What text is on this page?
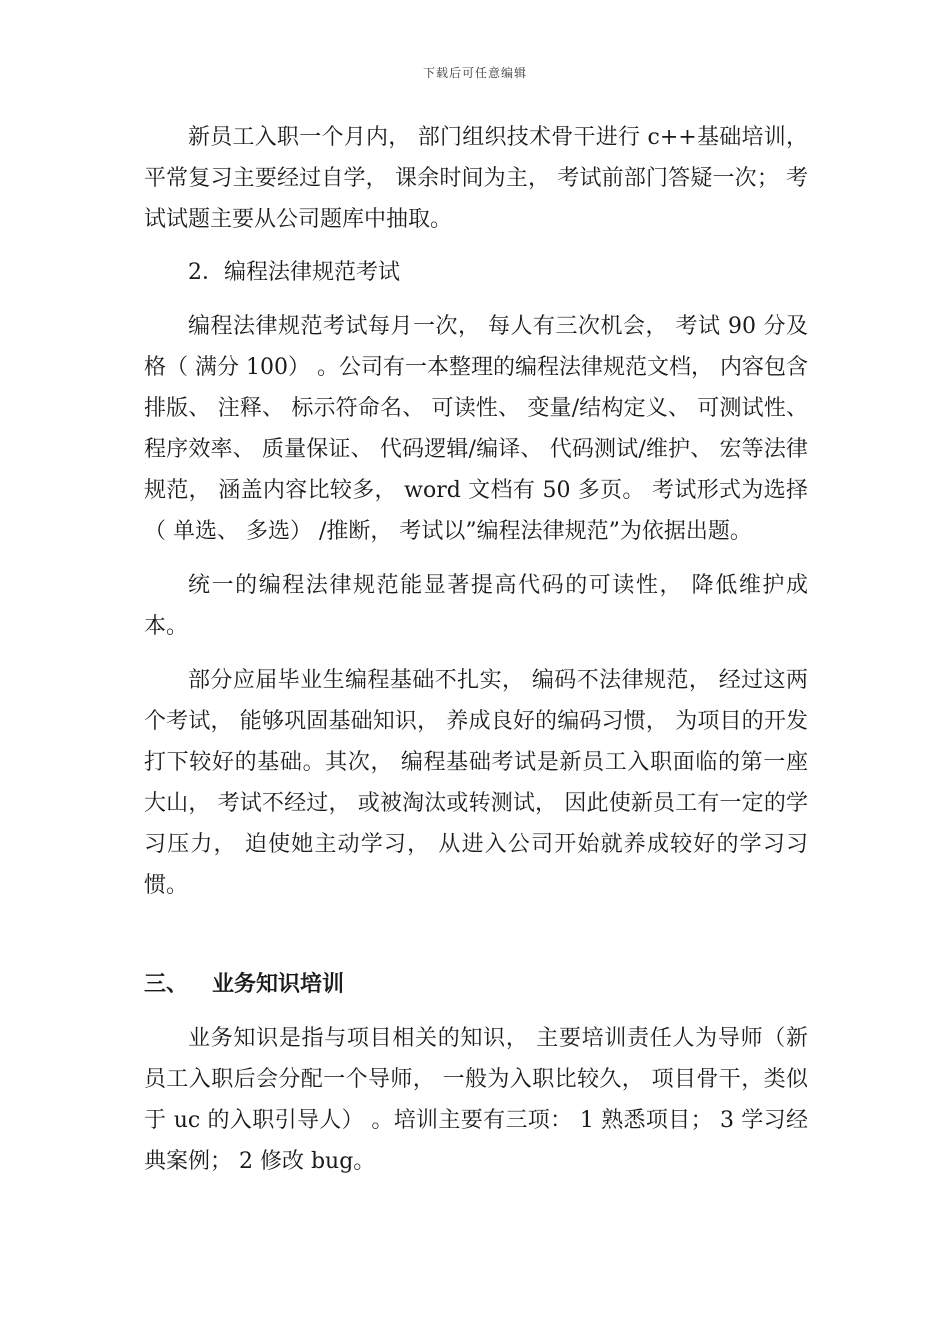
下载后可任意编辑

新员工入职一个月内， 部门组织技术骨干进行 c++基础培训， 平常复习主要经过自学， 课余时间为主， 考试前部门答疑一次； 考试试题主要从公司题库中抽取。

2．编程法律规范考试

编程法律规范考试每月一次， 每人有三次机会， 考试 90 分及格（ 满分 100） 。公司有一本整理的编程法律规范文档， 内容包含排版、 注释、 标示符命名、 可读性、 变量/结构定义、 可测试性、 程序效率、 质量保证、 代码逻辑/编译、 代码测试/维护、 宏等法律规范， 涵盖内容比较多， word 文档有 50 多页。 考试形式为选择（ 单选、 多选） /推断， 考试以”编程法律规范”为依据出题。

统一的编程法律规范能显著提高代码的可读性， 降低维护成本。

部分应届毕业生编程基础不扎实， 编码不法律规范， 经过这两个考试， 能够巩固基础知识， 养成良好的编码习惯， 为项目的开发打下较好的基础。其次， 编程基础考试是新员工入职面临的第一座大山， 考试不经过， 或被淘汰或转测试， 因此使新员工有一定的学习压力， 迫使她主动学习， 从进入公司开始就养成较好的学习习惯。

三、 业务知识培训

业务知识是指与项目相关的知识， 主要培训责任人为导师（新员工入职后会分配一个导师， 一般为入职比较久， 项目骨干，类似于 uc 的入职引导人） 。培训主要有三项： 1 熟悉项目； 3 学习经典案例； 2 修改 bug。
